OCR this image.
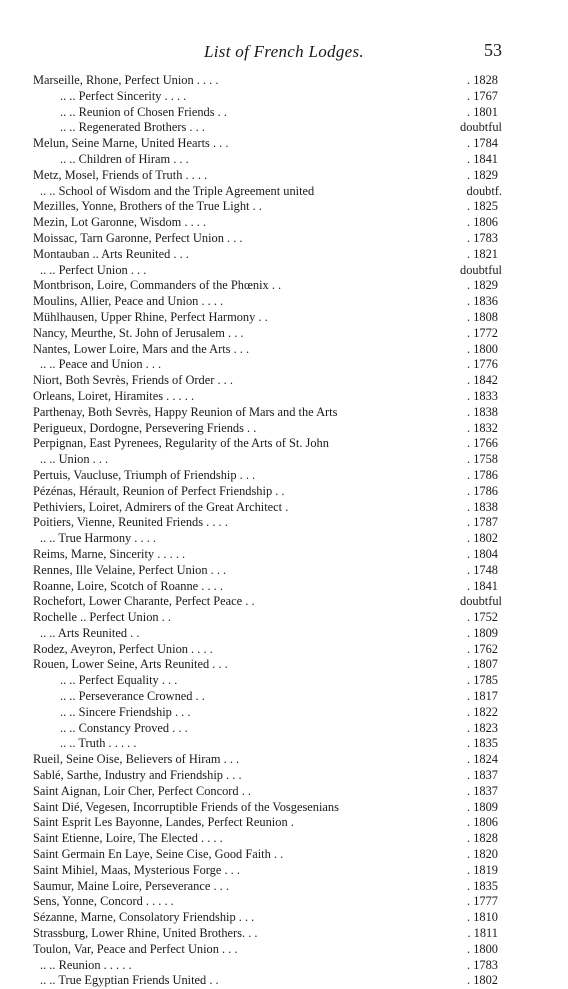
List of French Lodges.	53
Marseille, Rhone, Perfect Union . . . .	. 1828
.. .. Perfect Sincerity . . . .	. 1767
.. .. Reunion of Chosen Friends . .	. 1801
.. .. Regenerated Brothers . . .	doubtful
Melun, Seine Marne, United Hearts . . .	. 1784
.. .. Children of Hiram . . .	. 1841
Metz, Mosel, Friends of Truth . . . .	. 1829
.. .. School of Wisdom and the Triple Agreement united	doubtf.
Mezilles, Yonne, Brothers of the True Light . .	. 1825
Mezin, Lot Garonne, Wisdom . . . .	. 1806
Moissac, Tarn Garonne, Perfect Union . . .	. 1783
Montauban .. Arts Reunited . . .	. 1821
.. .. Perfect Union . . .	doubtful
Montbrison, Loire, Commanders of the Phœnix . .	. 1829
Moulins, Allier, Peace and Union . . . .	. 1836
Mühlhausen, Upper Rhine, Perfect Harmony . .	. 1808
Nancy, Meurthe, St. John of Jerusalem . . .	. 1772
Nantes, Lower Loire, Mars and the Arts . . .	. 1800
.. .. Peace and Union . . .	. 1776
Niort, Both Sevrès, Friends of Order . . .	. 1842
Orleans, Loiret, Hiramites . . . . .	. 1833
Parthenay, Both Sevrès, Happy Reunion of Mars and the Arts	. 1838
Perigueux, Dordogne, Persevering Friends . .	. 1832
Perpignan, East Pyrenees, Regularity of the Arts of St. John	. 1766
.. .. Union . . .	. 1758
Pertuis, Vaucluse, Triumph of Friendship . . .	. 1786
Pézénas, Hérault, Reunion of Perfect Friendship . .	. 1786
Pethiviers, Loiret, Admirers of the Great Architect .	. 1838
Poitiers, Vienne, Reunited Friends . . . .	. 1787
.. .. True Harmony . . . .	. 1802
Reims, Marne, Sincerity . . . . .	. 1804
Rennes, Ille Velaine, Perfect Union . . .	. 1748
Roanne, Loire, Scotch of Roanne . . . .	. 1841
Rochefort, Lower Charante, Perfect Peace . .	doubtful
Rochelle .. Perfect Union . .	. 1752
.. .. Arts Reunited . .	. 1809
Rodez, Aveyron, Perfect Union . . . .	. 1762
Rouen, Lower Seine, Arts Reunited . . .	. 1807
.. .. Perfect Equality . . .	. 1785
.. .. Perseverance Crowned . .	. 1817
.. .. Sincere Friendship . . .	. 1822
.. .. Constancy Proved . . .	. 1823
.. .. Truth . . . . .	. 1835
Rueil, Seine Oise, Believers of Hiram . . .	. 1824
Sablé, Sarthe, Industry and Friendship . . .	. 1837
Saint Aignan, Loir Cher, Perfect Concord . .	. 1837
Saint Dié, Vegesen, Incorruptible Friends of the Vosgesenians	. 1809
Saint Esprit Les Bayonne, Landes, Perfect Reunion .	. 1806
Saint Etienne, Loire, The Elected . . . .	. 1828
Saint Germain En Laye, Seine Cise, Good Faith . .	. 1820
Saint Mihiel, Maas, Mysterious Forge . . .	. 1819
Saumur, Maine Loire, Perseverance . . .	. 1835
Sens, Yonne, Concord . . . . .	. 1777
Sézanne, Marne, Consolatory Friendship . . .	. 1810
Strassburg, Lower Rhine, United Brothers. . .	. 1811
Toulon, Var, Peace and Perfect Union . . .	. 1800
.. .. Reunion . . . . .	. 1783
.. .. True Egyptian Friends United . .	. 1802
